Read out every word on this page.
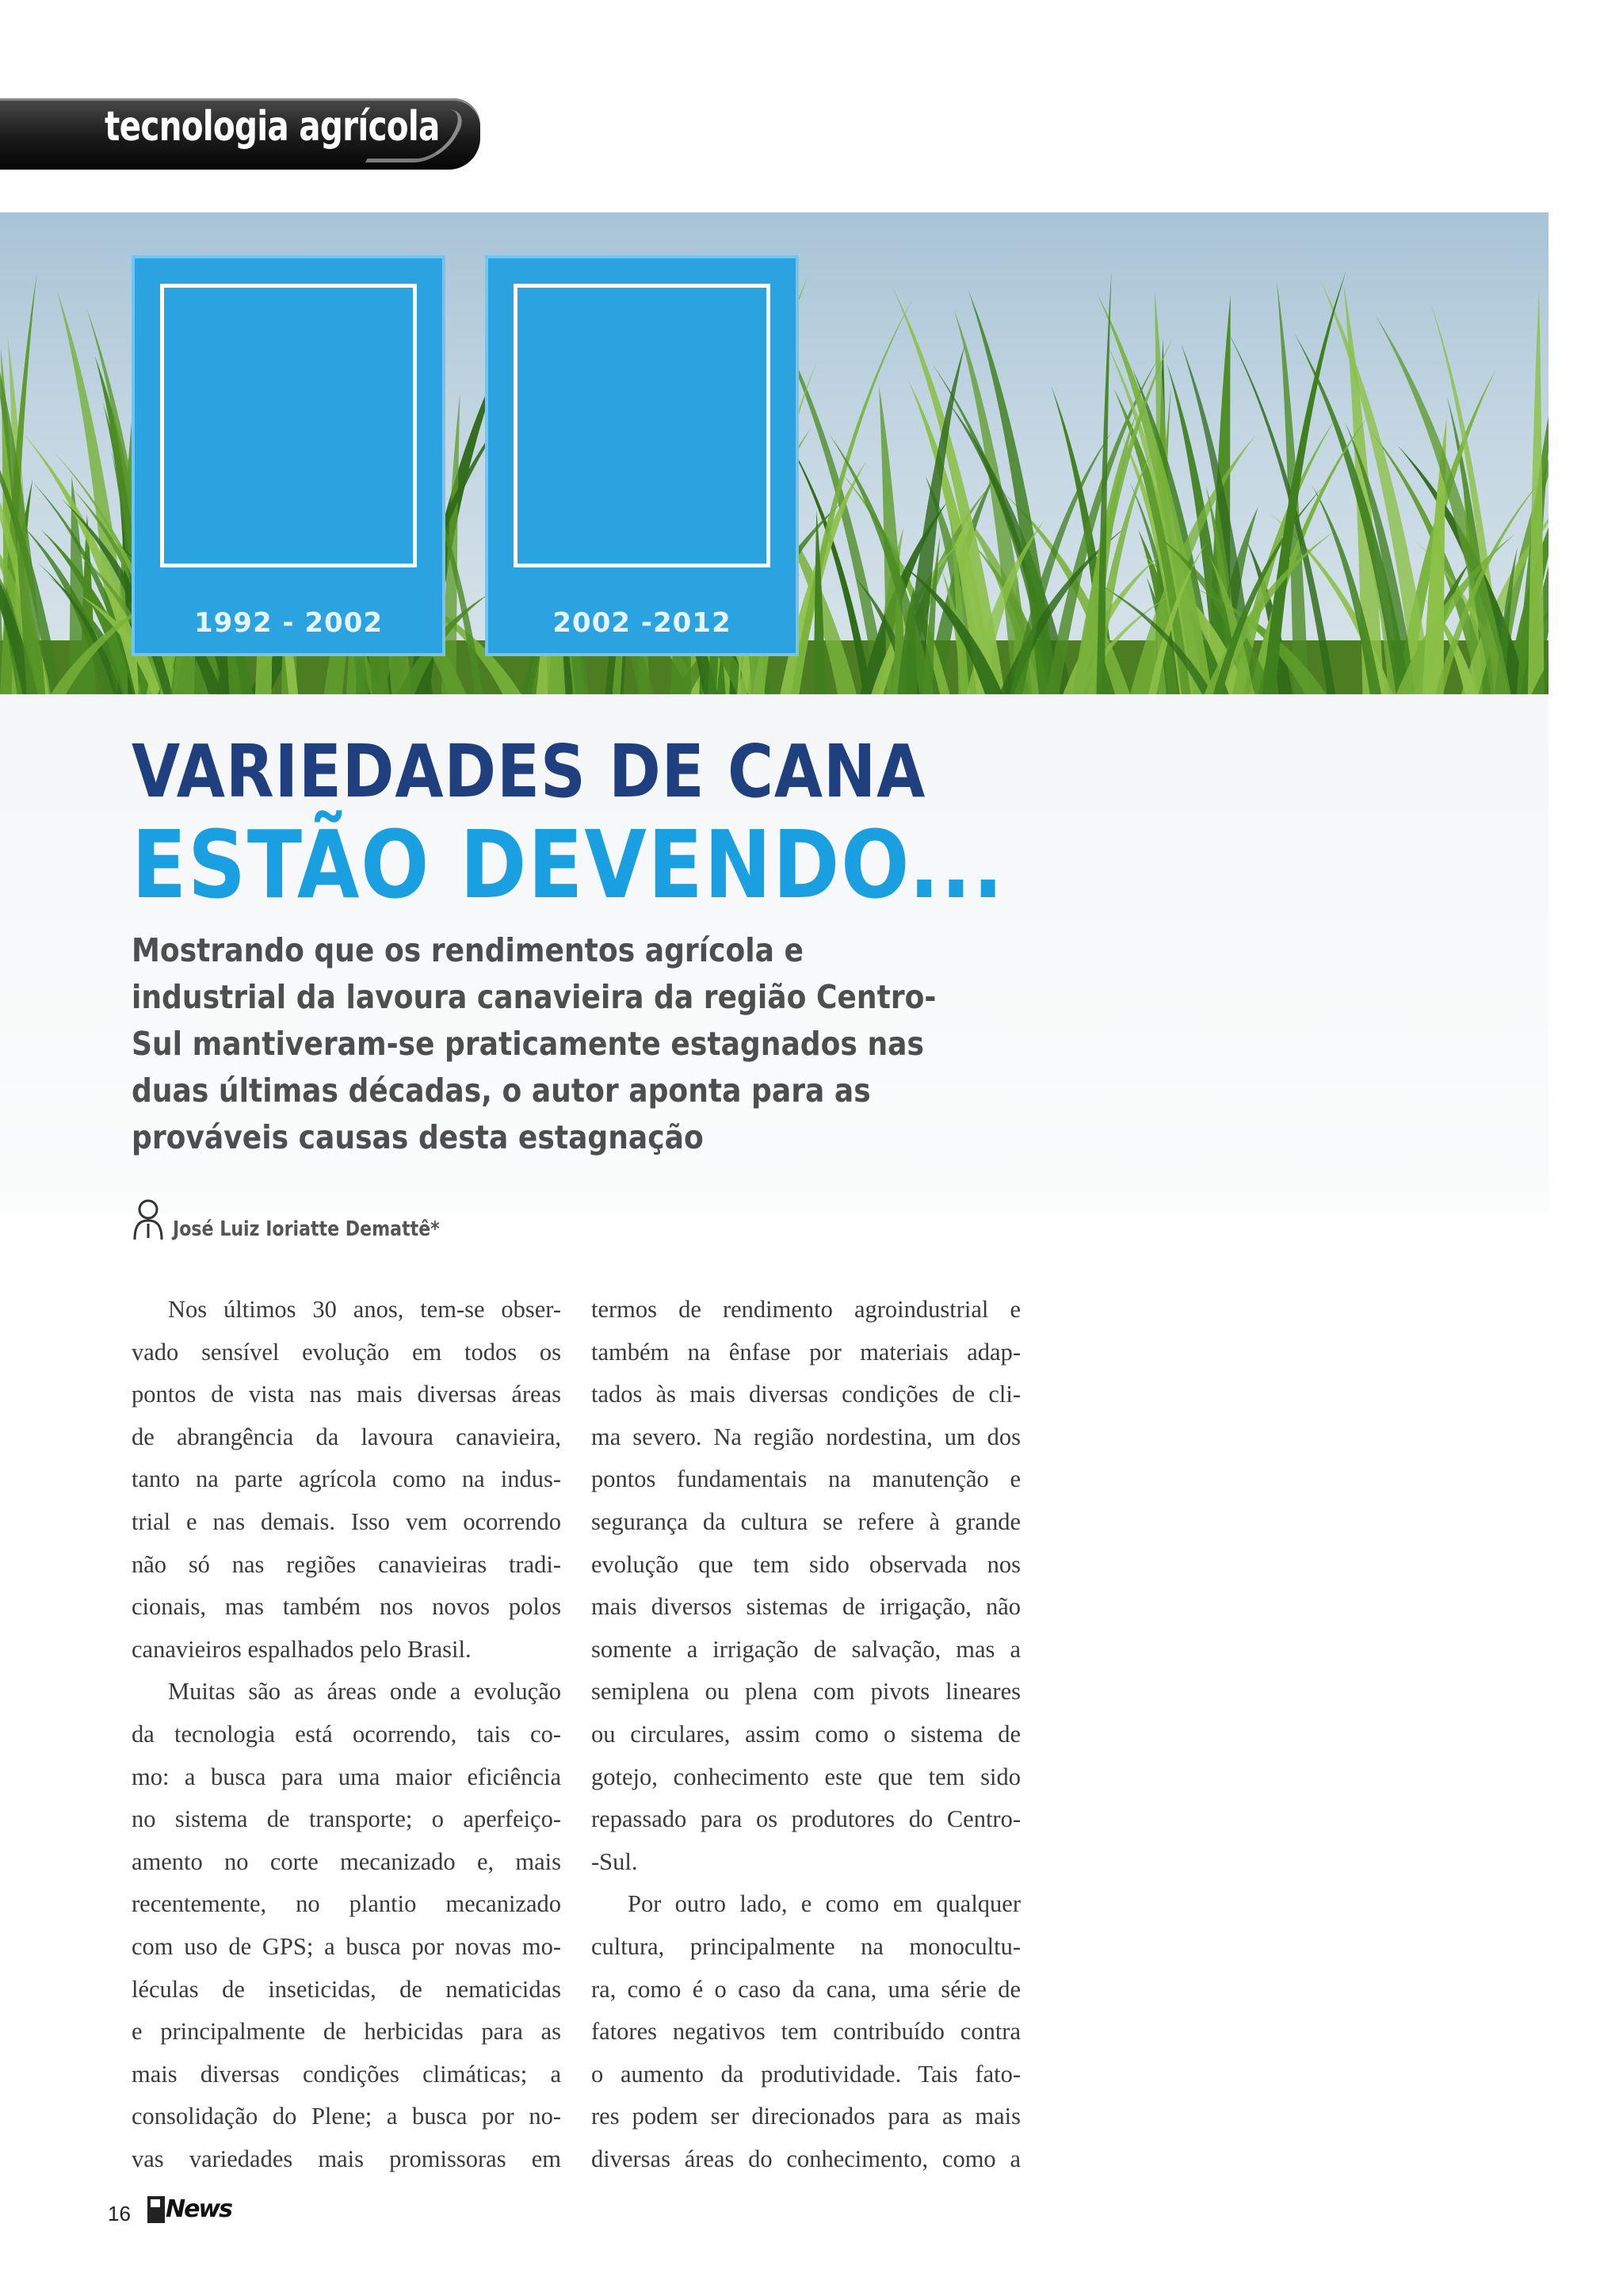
tecnologia agrícola
1992 - 2002	2002 -2012
VARIEDADES DE CANA
ESTÃO DEVENDO...
Mostrando que os rendimentos agrícola e
industrial da lavoura canavieira da região Centro-
Sul mantiveram-se praticamente estagnados nas
duas últimas décadas, o autor aponta para as
prováveis causas desta estagnação
José Luiz Ioriatte Demattê*
Nos últimos 30 anos, tem-se obser-
vado sensível evolução em todos os
pontos de vista nas mais diversas áreas
de abrangência da lavoura canavieira,
tanto na parte agrícola como na indus-
trial e nas demais. Isso vem ocorrendo
não só nas regiões canavieiras tradi-
cionais, mas também nos novos polos
canavieiros espalhados pelo Brasil.
Muitas são as áreas onde a evolução
da tecnologia está ocorrendo, tais co-
mo: a busca para uma maior eficiência
no sistema de transporte; o aperfeiço-
amento no corte mecanizado e, mais
recentemente, no plantio mecanizado
com uso de GPS; a busca por novas mo-
léculas de inseticidas, de nematicidas
e principalmente de herbicidas para as
mais diversas condições climáticas; a
consolidação do Plene; a busca por no-
vas variedades mais promissoras em
termos de rendimento agroindustrial e
também na ênfase por materiais adap-
tados às mais diversas condições de cli-
ma severo. Na região nordestina, um dos
pontos fundamentais na manutenção e
segurança da cultura se refere à grande
evolução que tem sido observada nos
mais diversos sistemas de irrigação, não
somente a irrigação de salvação, mas a
semiplena ou plena com pivots lineares
ou circulares, assim como o sistema de
gotejo, conhecimento este que tem sido
repassado para os produtores do Centro-
-Sul.
Por outro lado, e como em qualquer
cultura, principalmente na monocultu-
ra, como é o caso da cana, uma série de
fatores negativos tem contribuído contra
o aumento da produtividade. Tais fato-
res podem ser direcionados para as mais
diversas áreas do conhecimento, como a
16 News
